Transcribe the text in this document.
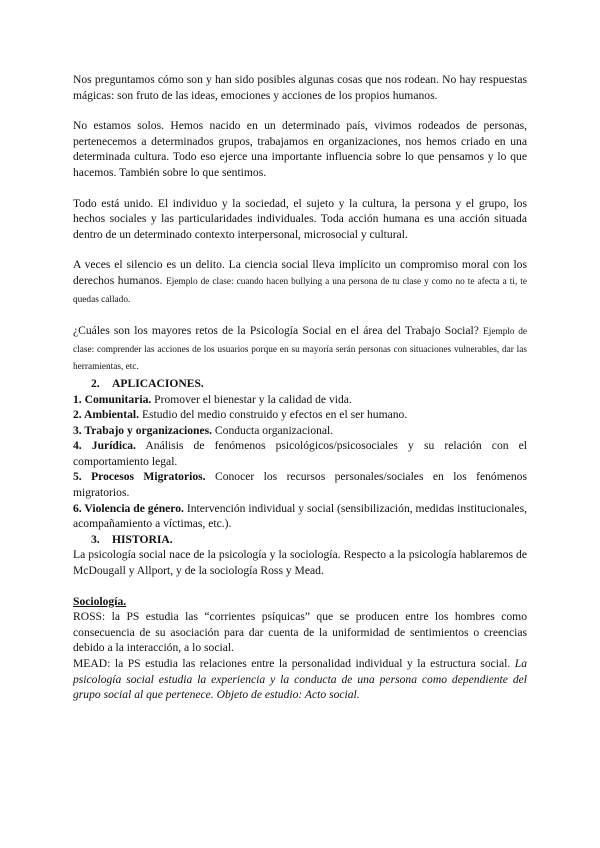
Nos preguntamos cómo son y han sido posibles algunas cosas que nos rodean. No hay respuestas mágicas: son fruto de las ideas, emociones y acciones de los propios humanos.

No estamos solos. Hemos nacido en un determinado país, vivimos rodeados de personas, pertenecemos a determinados grupos, trabajamos en organizaciones, nos hemos criado en una determinada cultura. Todo eso ejerce una importante influencia sobre lo que pensamos y lo que hacemos. También sobre lo que sentimos.

Todo está unido. El individuo y la sociedad, el sujeto y la cultura, la persona y el grupo, los hechos sociales y las particularidades individuales. Toda acción humana es una acción situada dentro de un determinado contexto interpersonal, microsocial y cultural.

A veces el silencio es un delito. La ciencia social lleva implícito un compromiso moral con los derechos humanos. Ejemplo de clase: cuando hacen bullying a una persona de tu clase y como no te afecta a ti, te quedas callado.

¿Cuáles son los mayores retos de la Psicología Social en el área del Trabajo Social? Ejemplo de clase: comprender las acciones de los usuarios porque en su mayoría serán personas con situaciones vulnerables, dar las herramientas, etc.

2. APLICACIONES.

1. Comunitaria. Promover el bienestar y la calidad de vida.

2. Ambiental. Estudio del medio construido y efectos en el ser humano.

3. Trabajo y organizaciones. Conducta organizacional.

4. Jurídica. Análisis de fenómenos psicológicos/psicosociales y su relación con el comportamiento legal.

5. Procesos Migratorios. Conocer los recursos personales/sociales en los fenómenos migratorios.

6. Violencia de género. Intervención individual y social (sensibilización, medidas institucionales, acompañamiento a víctimas, etc.).

3. HISTORIA.

La psicología social nace de la psicología y la sociología. Respecto a la psicología hablaremos de McDougall y Allport, y de la sociología Ross y Mead.

Sociología.

ROSS: la PS estudia las “corrientes psíquicas” que se producen entre los hombres como consecuencia de su asociación para dar cuenta de la uniformidad de sentimientos o creencias debido a la interacción, a lo social.

MEAD: la PS estudia las relaciones entre la personalidad individual y la estructura social. La psicología social estudia la experiencia y la conducta de una persona como dependiente del grupo social al que pertenece. Objeto de estudio: Acto social.
